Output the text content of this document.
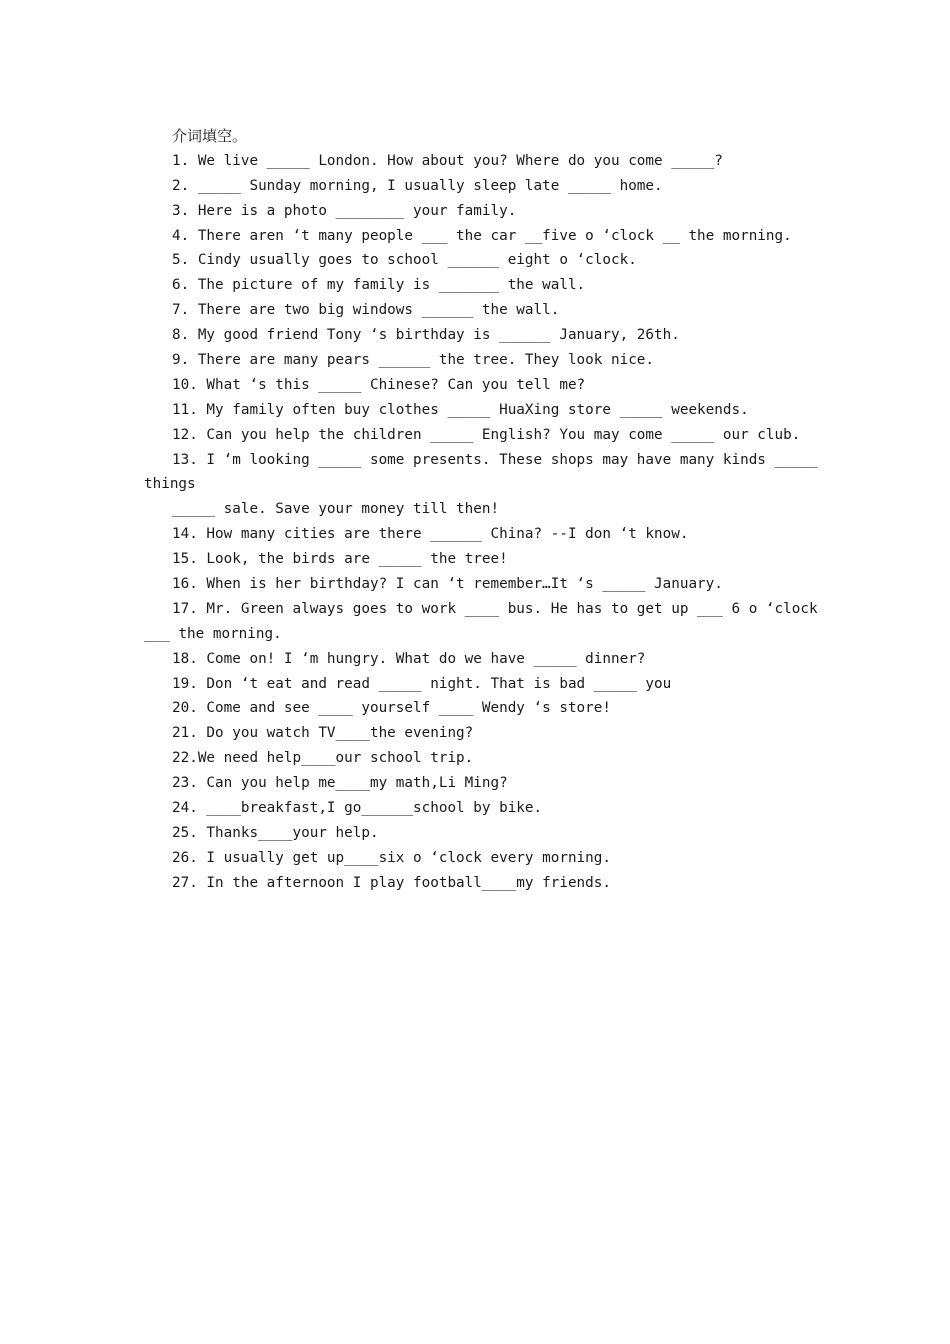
介词填空。
1. We live _____ London. How about you? Where do you come _____?
2. _____ Sunday morning, I usually sleep late _____ home.
3. Here is a photo ________ your family.
4. There aren ‘t many people ___ the car __five o ‘clock __ the morning.
5. Cindy usually goes to school ______ eight o ‘clock.
6. The picture of my family is _______ the wall.
7. There are two big windows ______ the wall.
8. My good friend Tony ‘s birthday is ______ January, 26th.
9. There are many pears ______ the tree. They look nice.
10. What ‘s this _____ Chinese? Can you tell me?
11. My family often buy clothes _____ HuaXing store _____ weekends.
12. Can you help the children _____ English? You may come _____ our club.
13. I ‘m looking _____ some presents. These shops may have many kinds _____
things
_____ sale. Save your money till then!
14. How many cities are there ______ China? --I don ‘t know.
15. Look, the birds are _____ the tree!
16. When is her birthday? I can ‘t remember…It ‘s _____ January.
17. Mr. Green always goes to work ____ bus. He has to get up ___ 6 o ‘clock
___ the morning.
18. Come on! I ‘m hungry. What do we have _____ dinner?
19. Don ‘t eat and read _____ night. That is bad _____ you
20. Come and see ____ yourself ____ Wendy ‘s store!
21. Do you watch TV____the evening?
22.We need help____our school trip.
23. Can you help me____my math,Li Ming?
24. ____breakfast,I go______school by bike.
25. Thanks____your help.
26. I usually get up____six o ‘clock every morning.
27. In the afternoon I play football____my friends.
